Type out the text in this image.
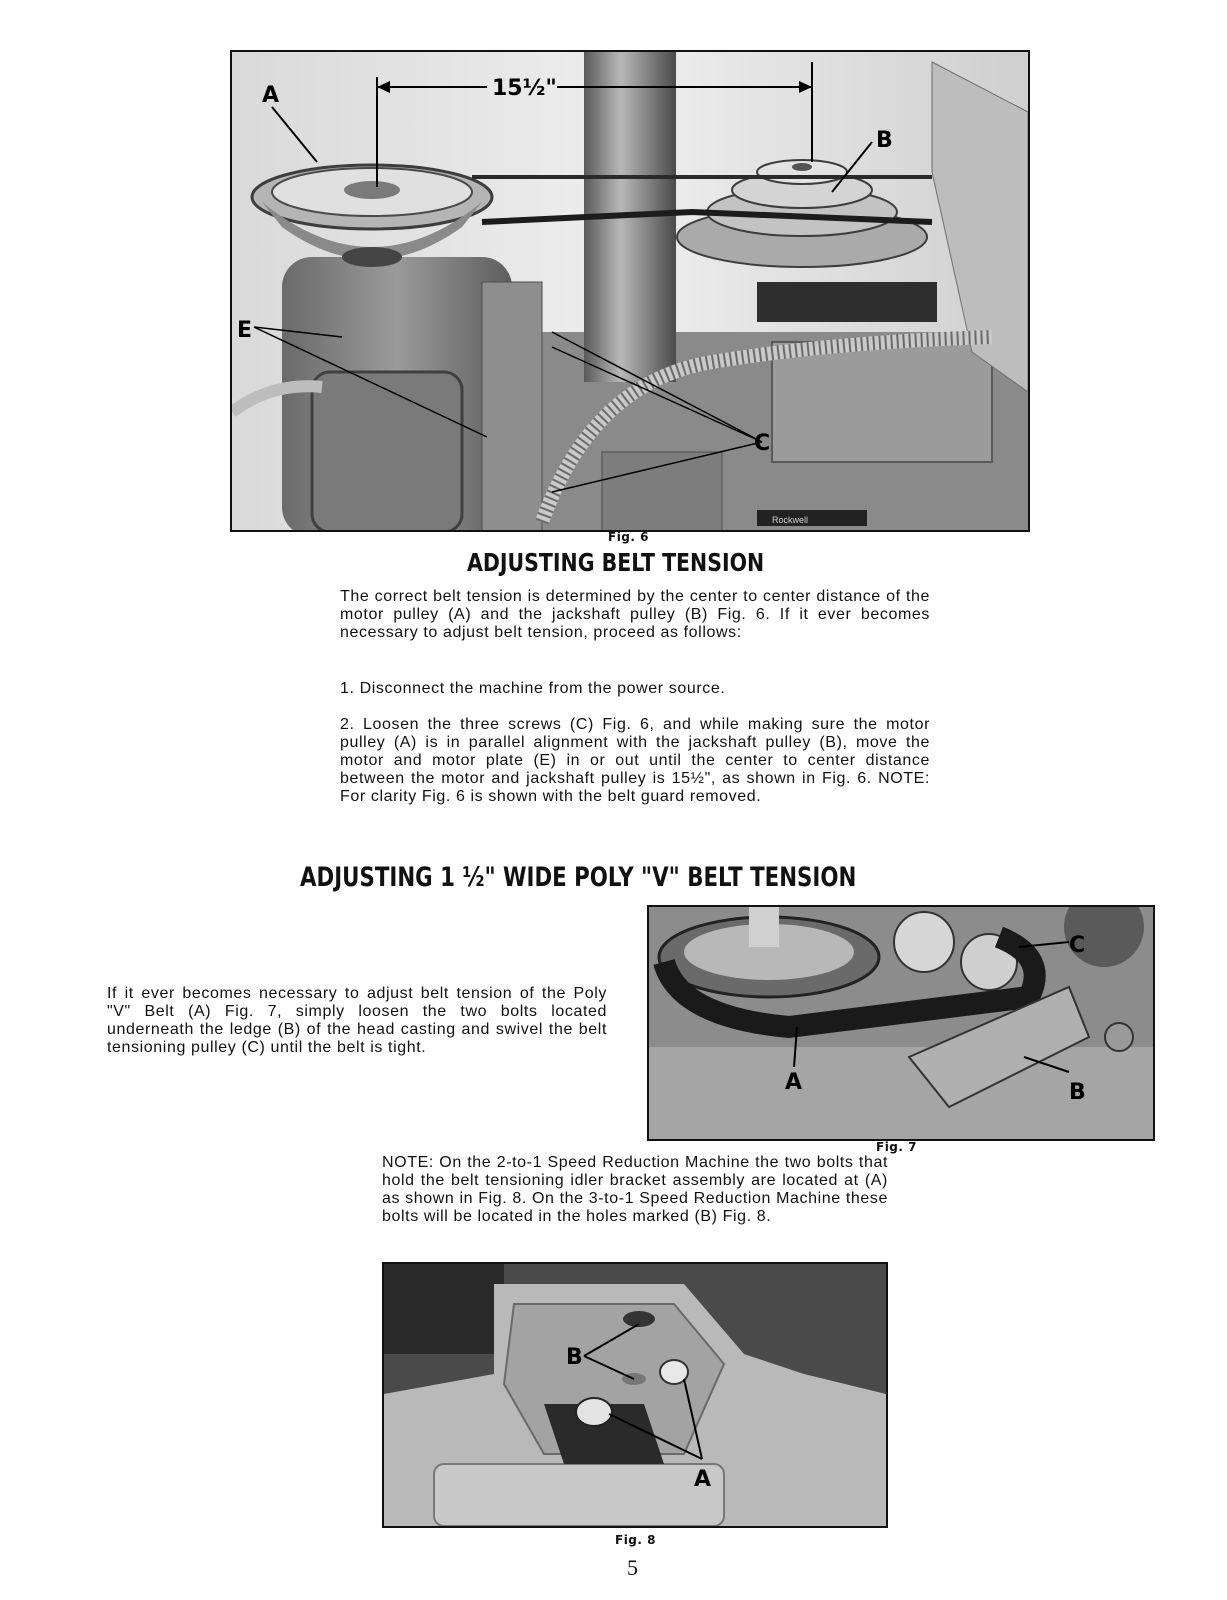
15½"
A
B
C
E
Rockwell
Fig. 6
ADJUSTING BELT TENSION

The correct belt tension is determined by the center to center distance of the motor pulley (A) and the jackshaft pulley (B) Fig. 6. If it ever becomes necessary to adjust belt tension, proceed as follows:

1. Disconnect the machine from the power source.

2. Loosen the three screws (C) Fig. 6, and while making sure the motor pulley (A) is in parallel alignment with the jackshaft pulley (B), move the motor and motor plate (E) in or out until the center to center distance between the motor and jackshaft pulley is 15½", as shown in Fig. 6. NOTE: For clarity Fig. 6 is shown with the belt guard removed.

ADJUSTING 1 ½" WIDE POLY "V" BELT TENSION

If it ever becomes necessary to adjust belt tension of the Poly "V" Belt (A) Fig. 7, simply loosen the two bolts located underneath the ledge (B) of the head casting and swivel the belt tensioning pulley (C) until the belt is tight.

A	B
C
Fig. 7

NOTE: On the 2-to-1 Speed Reduction Machine the two bolts that hold the belt tensioning idler bracket assembly are located at (A) as shown in Fig. 8. On the 3-to-1 Speed Reduction Machine these bolts will be located in the holes marked (B) Fig. 8.

B
A
Fig. 8
5
